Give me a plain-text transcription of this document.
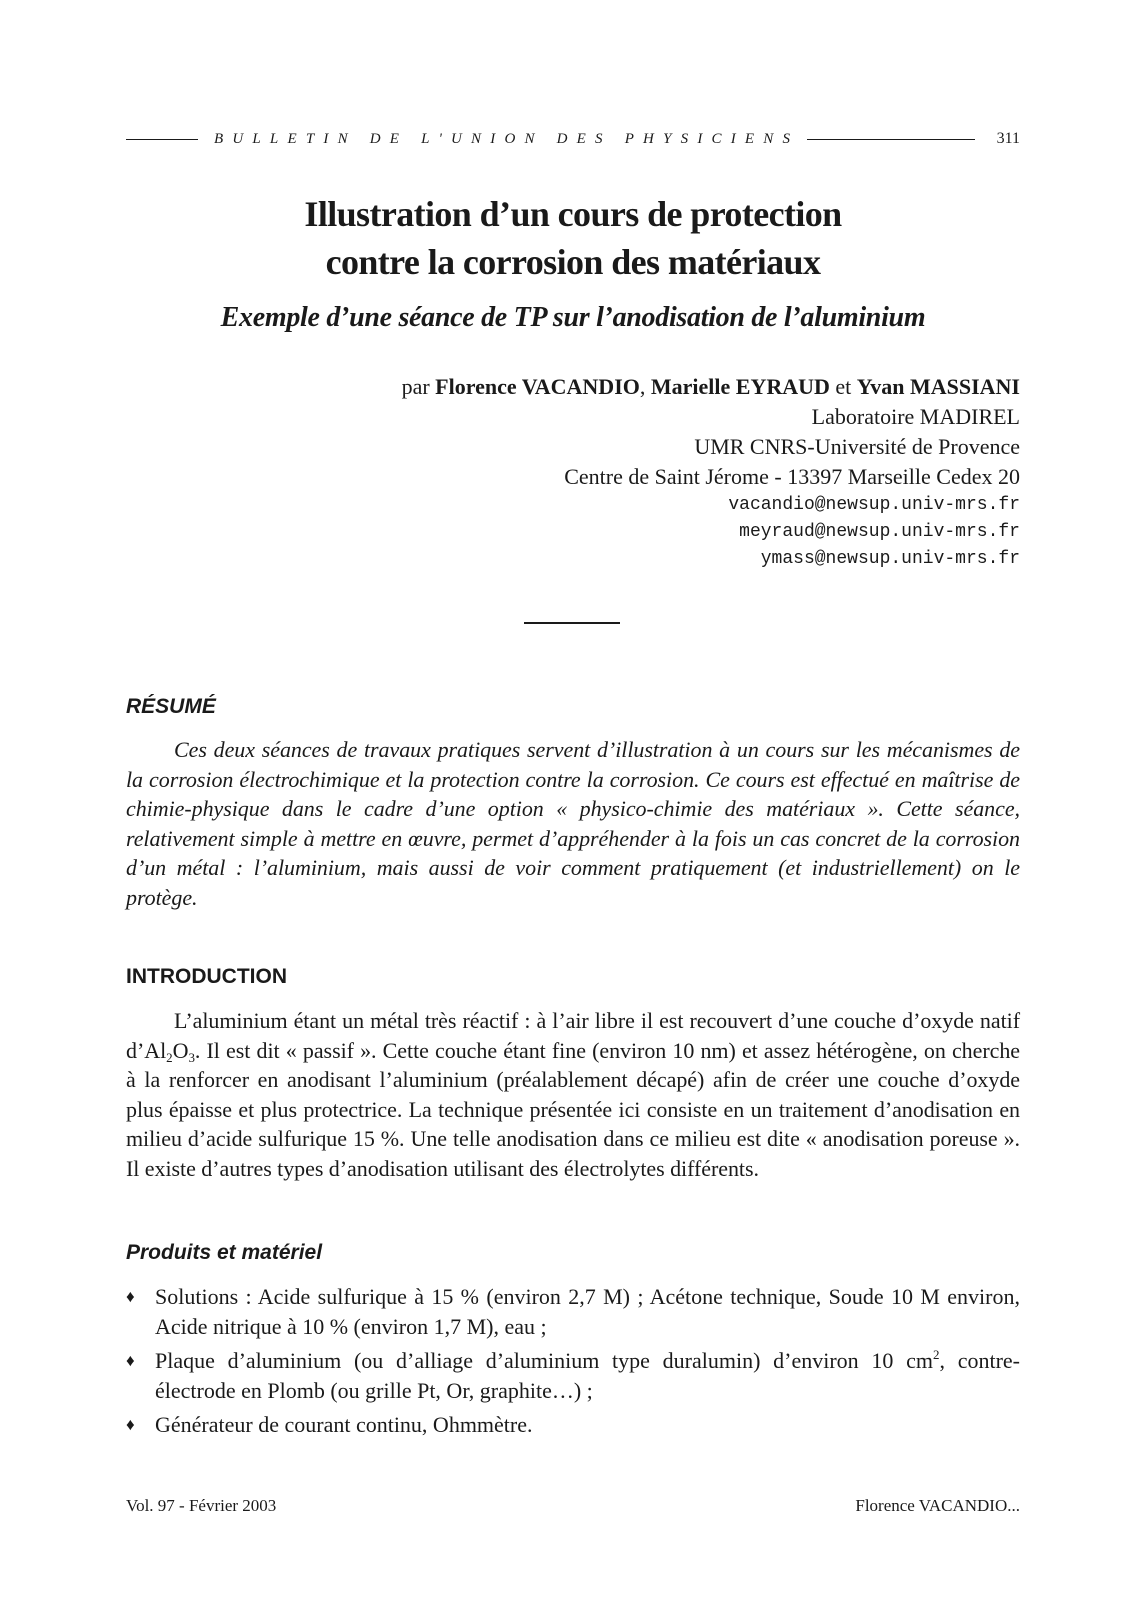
BULLETIN DE L'UNION DES PHYSICIENS	311
Illustration d’un cours de protection
contre la corrosion des matériaux
Exemple d’une séance de TP sur l’anodisation de l’aluminium
par Florence VACANDIO, Marielle EYRAUD et Yvan MASSIANI
Laboratoire MADIREL
UMR CNRS-Université de Provence
Centre de Saint Jérome - 13397 Marseille Cedex 20
vacandio@newsup.univ-mrs.fr
meyraud@newsup.univ-mrs.fr
ymass@newsup.univ-mrs.fr
RÉSUMÉ

Ces deux séances de travaux pratiques servent d’illustration à un cours sur les mécanismes de la corrosion électrochimique et la protection contre la corrosion. Ce cours est effectué en maîtrise de chimie-physique dans le cadre d’une option « physico-chimie des matériaux ». Cette séance, relativement simple à mettre en œuvre, permet d’appréhender à la fois un cas concret de la corrosion d’un métal : l’aluminium, mais aussi de voir comment pratiquement (et industriellement) on le protège.

INTRODUCTION

L’aluminium étant un métal très réactif : à l’air libre il est recouvert d’une couche d’oxyde natif $d’Al_2O_3$. Il est dit « passif ». Cette couche étant fine (environ 10 nm) et assez hétérogène, on cherche à la renforcer en anodisant l’aluminium (préalablement décapé) afin de créer une couche d’oxyde plus épaisse et plus protectrice. La technique présentée ici consiste en un traitement d’anodisation en milieu d’acide sulfurique 15 %. Une telle anodisation dans ce milieu est dite « anodisation poreuse ». Il existe d’autres types d’anodisation utilisant des électrolytes différents.

Produits et matériel
♦ Solutions : Acide sulfurique à 15 % (environ 2,7 M) ; Acétone technique, Soude 10 M environ, Acide nitrique à 10 % (environ 1,7 M), eau ;
♦ Plaque d’aluminium (ou d’alliage d’aluminium type duralumin) d’environ 10 $cm^2$, contre-électrode en Plomb (ou grille Pt, Or, graphite…) ;
♦ Générateur de courant continu, Ohmmètre.
Vol. 97 - Février 2003	Florence VACANDIO...
